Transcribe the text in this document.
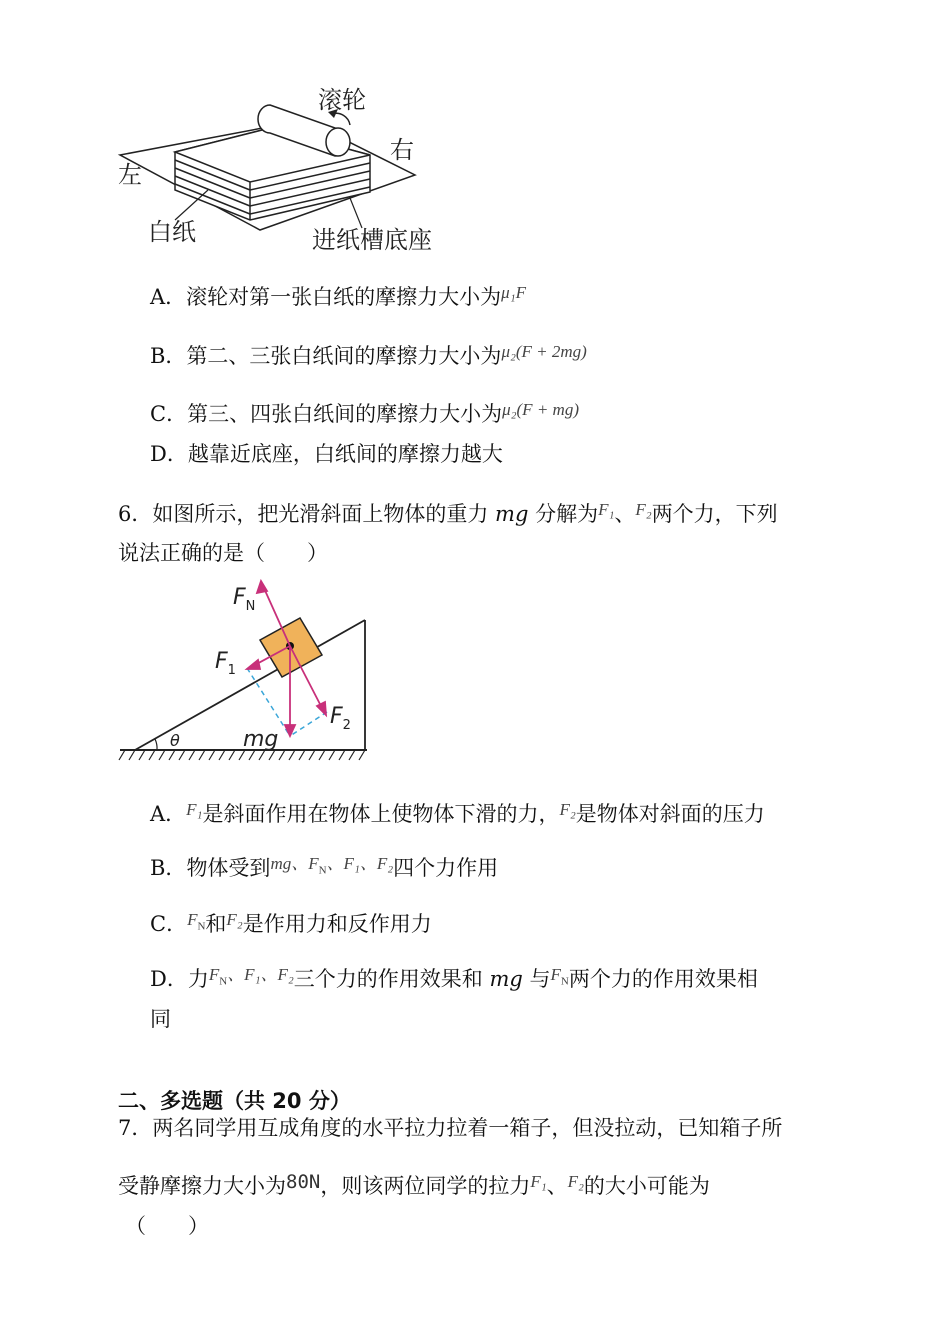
滚轮
右
左
白纸	进纸槽底座
A．滚轮对第一张白纸的摩擦力大小为$^{\mu_1F}$
B．第二、三张白纸间的摩擦力大小为$^{\mu_2(F + 2mg)}$
C．第三、四张白纸间的摩擦力大小为$^{\mu_2(F + mg)}$
D．越靠近底座，白纸间的摩擦力越大
6．如图所示，把光滑斜面上物体的重力 mg 分解为$^{F_1}$、$^{F_2}$两个力，下列
说法正确的是（　　）
θ
$F_N$
$F_1$
$F_2$
mg
A．$^{F_1}$是斜面作用在物体上使物体下滑的力，$^{F_2}$是物体对斜面的压力
B．物体受到$^{mg、F_N、F_1、F_2}$四个力作用
C．$^{F_N}$和$^{F_2}$是作用力和反作用力
D．力$^{F_N、F_1、F_2}$三个力的作用效果和 mg 与$^{F_N}$两个力的作用效果相
同
二、多选题（共 20 分）
7．两名同学用互成角度的水平拉力拉着一箱子，但没拉动，已知箱子所
受静摩擦力大小为80N，则该两位同学的拉力$^{F_1}$、$^{F_2}$的大小可能为
（　　）
